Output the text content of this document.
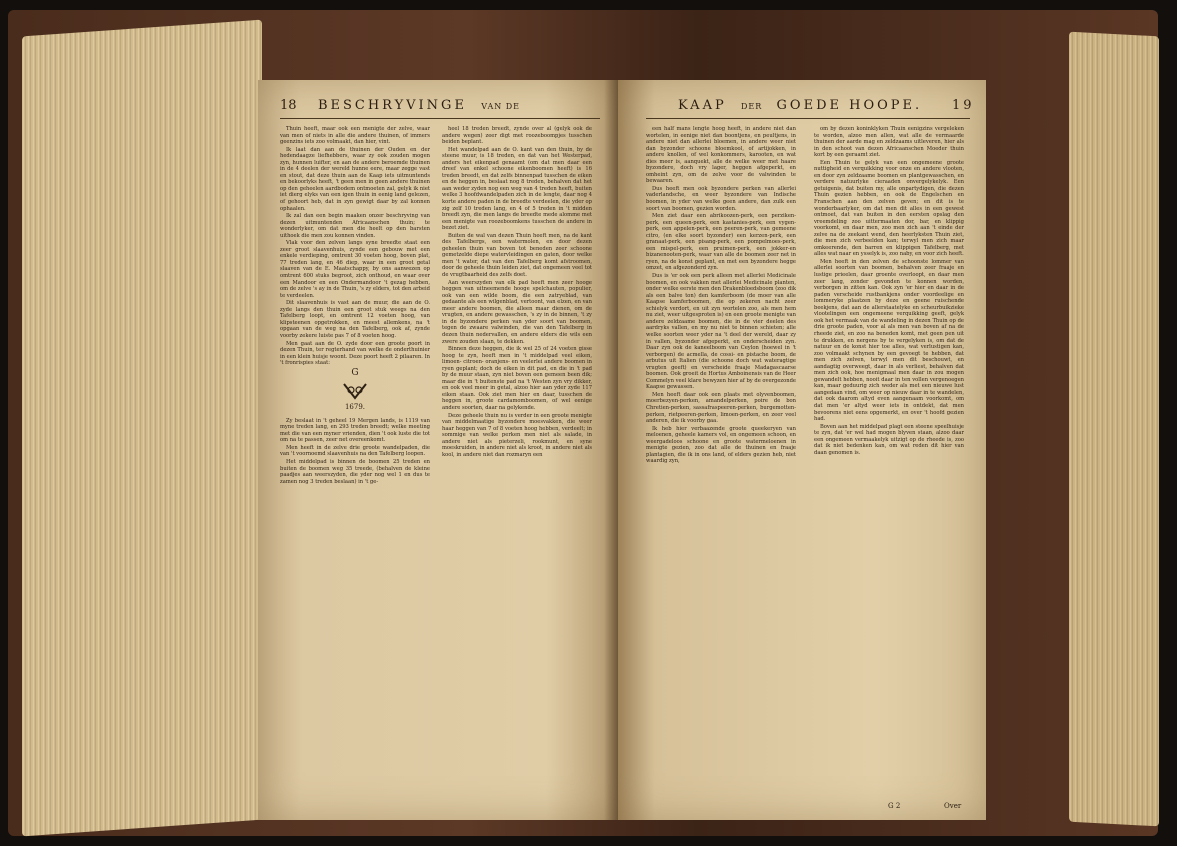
18 BESCHRYVINGE VAN DE

Thuin heeft, maar ook een menigte der zelve, waar van men of niets in alle die andere thuinen, of immers geenzins iets zoo volmaakt, dan hier, vint.

Ik laat dan aan de thuinen der Ouden en der hedendaagze liefhebbers, waar zy ook zouden mogen zyn, hunnen luifter, en aan de andere beroemde thuinen in de 4 deelen der wereld hunne eere, maar zegge vast en stout, dat deze thuin aan de Kaap iets uitmuntends en bekoorlyks heeft, 't geen men in geen andere thuinen op den geheelen aardbodem ontmoeten zal, gelyk ik niet iet dierg elyks van een igen thuin in eenig land gelezen, of gehoort heb, dat in zyn gewigt daar by zal konnen ophaalen.

Ik zal dan een begin maaken onzer beschryving van dezen uitmuntenden Africaanschen thuin; te wonderlyker, om dat men die heelt op den barsten uithoek die men zou konnen vinden.

Vlak voor den zelven langs syne breedte staat een zeer groot slaavenhuis, zynde een gebouw met een enkele verdieping, omtrent 30 voeten hoog, boven plat, 77 treden lang, en 46 diep, waar in een groot getal slaaven van de E. Maatschappy, by ons aanwezen op omtrent 600 stuks begroot, zich onthoud, en waar over een Mandoor en een Ondermandoor 't gezag hebben, om de zelve 's ay in de Thuin, 's zy elders, tot den arbeid te verdeelen.

Dit slaavenhuis is vast aan de muur, die aan de O. zyde langs den thuin een groot stuk weegs na den Tafelberg loopt, en omtrent 12 voeten hoog, van klipsteenen opgetrokken, en meest allemkens, na 't opgaan van de weg na den Tafelberg, ook af, zynde voorby zekere luiste pas 7 of 8 voeten hoog.

Men gaat aan de O. zyde door een groote poort in dezen Thuin, ter regterhand van welke de onderthuinier in een klein huisje woont. Deze poort heeft 2 pilaaren. In 't fronrispies staat:

G
1679.

Zy beslaat in 't geheel 19 Mergen lands, is 1119 van myne treden lang, en 293 treden breedt; welke meeting met die van een myner vrienden, dien 't ook luste die tot om na te passen, zeer net overeenkomt.

Men heeft in de zelve drie groote wandelpaden, die van 't voornoemd slaavenhuis na den Tafelberg loopen.

Het middelpad is binnen de boomen 25 treden en buiten de boomen weg 35 treede, (behalven de kleine paadjes aan weerszyden, die yder nog wel 1 en dus te zamen nog 3 treden beslaan) in 't ge-

heel 18 treden breedt, zynde over al (gelyk ook de andere wegen) zeer digt met roozeboompjes tusschen beiden beplant.

Het wandelpad aan de O. kant van den thuin, by de steene muur, is 18 treden, en dat van het Westerpad, anders het eikenpad genaamt (om dat men daar een dreef van enkel schoone eikenboomen heeft) is 16 treden breedt, en dat zelfs binnenpad tusschen de eiken en de heggen in, beslaat nog 8 treden, behalven dat het aan weder zyden nog een weg van 4 treden heeft, buiten welke 3 hoofdwandelpaden zich in de lengte, daar nog 4 korte andere paden in de breedte verdeelen, die yder op zig zelf 10 treden lang, en 4 of 5 treden in 't midden breedt zyn, die men langs de breedte mede alomme met een menigte van roozeboomkens tusschen de andere in bezet ziet.

Buiten de wal van dezen Thuin heeft men, na de kant des Tafelbergs, een watermolen, en door dezen geheelen thuin van boven tot beneden zeer schoone gemetzelde diepe watervleidingen en gaten, door welke men 't water, dat van den Tafelberg komt afstroomen, door de geheele thuin leiden ziet, dat ongemeen veel tot de vrugtbaarheid des zelfs doet.

Aan weerszyden van elk pad heeft men zeer hooge heggen van uitneemende hooge spelchauten, populier, ook van een wilde boom, die een zatryeblad, van gedaante als een wilgenblad, vertoont, van elzen, en van meer andere boomen, die alleen maar dienen, om de vrugten, en andere gewasschen, 's zy in de binnen, 't zy in de byzondere perken van yder soort van boomen, tegen de zwaare valwinden, die van den Tafelberg in dezen thuin nedervallen, en andere elders die wils een zwere zouden slaan, te dekken.

Binnen deze heggen, die ik wel 25 of 24 voeten gisse hoog te zyn, heeft men in 't middelpad veel eiken, limoen- citroen- oranjens- en veelerlei andere boomen in ryen geplant; doch de eiken in dit pad, en die in 't pad by de muur staan, zyn niet boven een gemeen been dik; maar die in 't buitenste pad na 't Westen zyn vry dikker, en ook veel meer in getal, alzoo hier aan yder zyde 117 eiken staan. Ook ziet men hier en daar, tusschen de heggen in, groote cardamomboomen, of wel eenige andere soorten, daar na gelykende.

Deze geheele thuin nu is verder in een groote menigte van middelmaatige byzondere moesvakken, die weer haar heggen van 7 of 8 voeten hoog hebben, verdeelt; in sommige van welke perken men niet als salade, in andere niet als pieterzeli, rookmunt, en syne moeskruiden, in andere niet als kroot, in andere niet als kool, in andere niet dan rozmaryn een

KAAP DER GOEDE HOOPE. 19

een half mans lengte hoog heeft, in andere niet dan wortelen, in eenige niet dan boontjens, en peultjens, in andere niet dan allerlei bloemen, in andere weer niet dan byzonder schoone bloemkool, of artijokken, in andere knollen, of wel konkommers, karooten, en wat dies meer is, aanquekt, alle de welke weer met haare byzondere, doch vry lager, heggen afgeperkt, en omheint zyn, om de zelve voor de valwinden te bewaaren.

Dus heeft men ook byzondere perken van allerlei vaderlandsche, en weer byzondere van Indische boomen, in yder van welke geen andere, dan zulk een soort van boomen, gezien worden.

Men ziet daar een abrikoozen-perk, een perziken-perk, een queen-perk, een kastanies-perk, een vygen-perk, een appelen-perk, een peeren-perk, van gemeene citro, (en elke soort byzonder) een kerzen-perk, een granaat-perk, een pisang-perk, een pompelmoes-perk, een mispel-perk, een pruimen-perk, een jokker-en bizanenooten-perk, waar van alle de boomen zeer net in ryen, na de konst geplant, en met een byzondere hegge omzet, en afgezonderd zyn.

Dus is 'er ook een perk alleen met allerlei Medicinale boomen, en ook vakken met allerlei Medicinale planten, onder welke eerste men den Drakenbloedsboom (zoo dik als een balve ton) den kamferboom (de moer van alle Kaapse kamferboomen, die op zekeren nacht zeer schielyk verdort, en uit zyn wortelen zoo, als men hem nu ziet, weer uitgesproten is) en een groote menigte van andere zeldzaame boomen, die in de vier deelen des aardryks vallen, en my nu niet te binnen schieten; alle welke soorten weer yder na 't deel der wereld, daar zy in vallen, byzonder afgeperkt, en onderscheiden zyn. Daar zyn ook de kaneelboom van Ceylon (hoewel in 't verborgen) de acmella, de cossi- en pistache boom, de arbutus uit Italien (die schoone doch wat wateragtige vrugten geeft) en verscheide fraaje Madagascaarse boomen. Ook groeit de Hortus Amboinensis van de Heer Commelyn veel klare bewyzen hier af by de overgezonde Kaapse gewassen.

Men heeft daar ook een plaats met olyvenboomen, moerbezyen-perken, amandelperken, poire de bon Chretien-perken, sassafraspeeren-perken, burgemotten-perken, rietpeeren-perken, limoen-perken, en zeer veel anderen, die ik voorby gaa.

Ik heb hier verbaazende groote queekeryen van meloenen, geheele kamers vol, en ongemeen schoon, en weergadeloos schoone en groote watermeloenen in menigte gezien, zoo dat alle de thuinen en fraaje plantagien, die ik in ons land, of elders gezien heb, niet waardig zyn,

om by dezen koninklyken Thuin eenigzins vergeleken te worden, alzoo men allen, wat alle de vermaarde thuinen der aarde mag en zeldzaams uitleveren, hier als in den schoot van dezen Africaanschen Moeder thuin kort by een geraamt ziet.

Een Thuin te gelyk van een ongemeene groote nuttigheid en verquikking voor onze en andere vlooten, en door zyn zeldzaame boomen en plantgewasschen, en verdere natuurlyke cieraaden onvergelykelyk. Een getuigenis, dat buiten my, alle onpartydigen, die dezen Thuin gezien hebben, en ook de Engelschen en Franschen aan den zelven geven; en dit is te wonderbaarlyker, om dat men dit alles in een gewest ontmoet, dat van buiten in den eersten opslag den vreemdeling zoo uittermaaten dor, bar, en klippig voorkomt, en daar men, zoo men zich aan 't einde der zelve na de zeekant wend, den heerlyksten Thuin ziet, die men zich verbeelden kan; terwyl men zich maar omkeerende, den barren en klippigen Tafelberg, met alles wat naar en ysselyk is, zoo naby, en voor zich heeft.

Men heeft in den zelven de schoonste lommer van allerlei soorten van boomen, behalven zeer fraaje en lustige prieelen, daar groente overloopt, en daar men zeer lang, zonder gevonden te konnen worden, verborgen in zitten kan. Ook zyn 'er hier en daar in de paden verscheide rustbankjens onder voordeelige en lommeryke plaatzen by deze en geene ruischende beekjens, dat aan de allerstaatelyke en scheurbuikzieke vlootelingen een ongemeene verquikking geeft, gelyk ook het vermaak van de wandeling in dezen Thuin op de drie groote paden, voor al als men van boven af na de rheede ziet, en zoo na beneden komt, met geen pen uit te drukken, en nergens by te vergelyken is, om dat de natuur en de konst hier toe alles, wat verlustigen kan, zoo volmaakt schynen by een gevoegt te hebben, dat men zich zelven, terwyl men dit beschouwt, en aandagtig overweegt, daar in als verliest, behalven dat men zich ook, hoe menigmaal men daar in zou mogen gewandelt hebben, nooit daar in ten vollen vergenoegen kan, maar geduurig zich weder als met een nieuwe lust aangedaan vind, om weer op nieuw daar in te wandelen, dat ook daarom altyd even aangenaam voorkomt, om dat men 'er altyd weer iets in ontdekt, dat men bevoorens niet eens opgemerkt, en over 't hoofd gezien had.

Boven aan het middelpad plagt een steene speelhuisje te zyn, dat 'er wel had mogen blyven staan, alzoo daar een ongemeen vermaakelyk uitzigt op de rheede is, zoo dat ik niet bedenken kan, om wat reden dit hier van daan genomen is.

G 2	Over
